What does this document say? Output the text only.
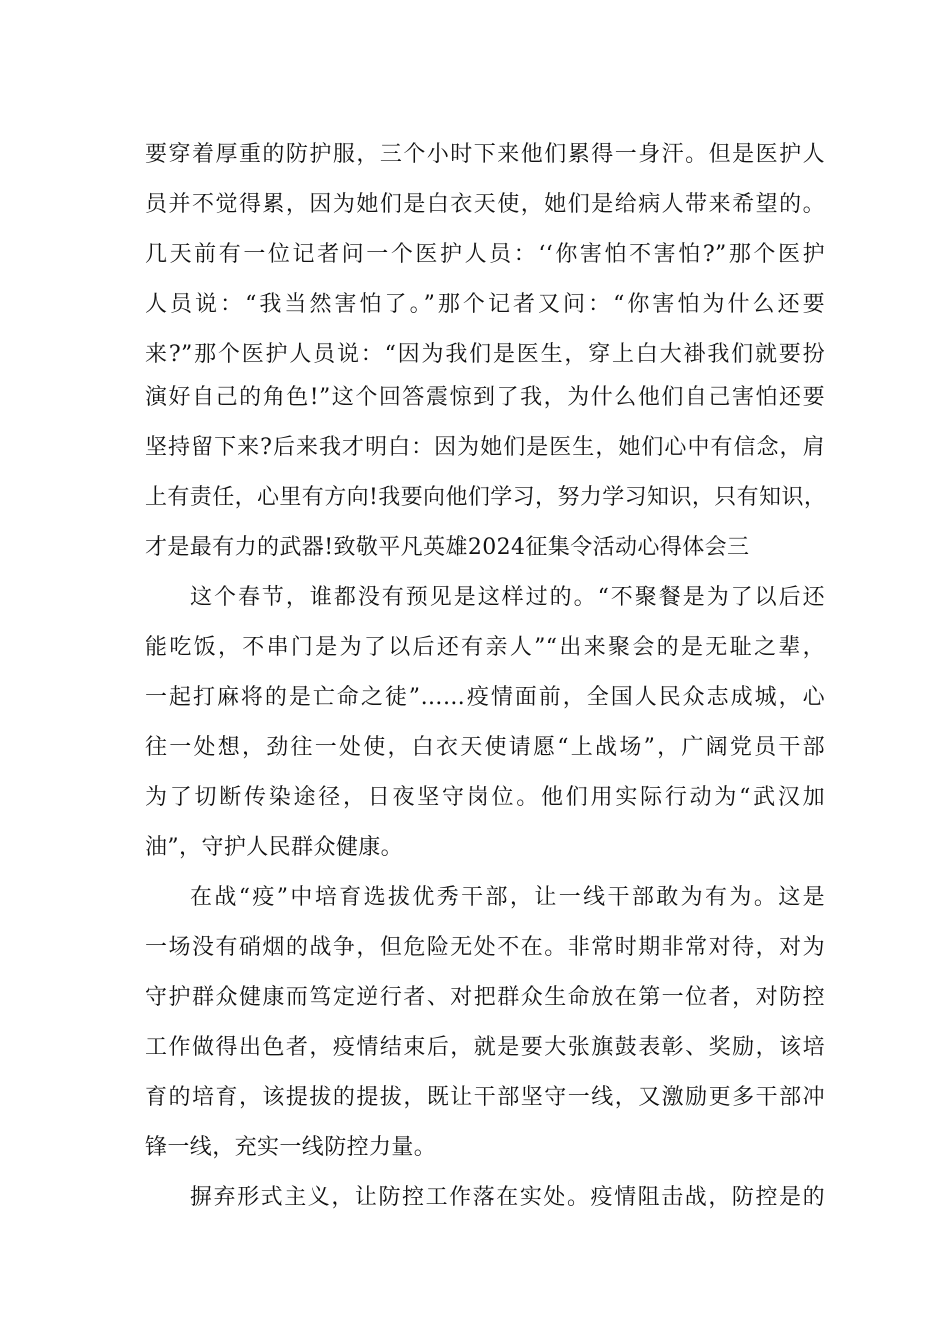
要穿着厚重的防护服，三个小时下来他们累得一身汗。但是医护人
员并不觉得累，因为她们是白衣天使，她们是给病人带来希望的。
几天前有一位记者问一个医护人员：‘‘你害怕不害怕?”那个医护
人员说：“我当然害怕了。”那个记者又问：“你害怕为什么还要
来?”那个医护人员说：“因为我们是医生，穿上白大褂我们就要扮
演好自己的角色!”这个回答震惊到了我，为什么他们自己害怕还要
坚持留下来?后来我才明白：因为她们是医生，她们心中有信念，肩
上有责任，心里有方向!我要向他们学习，努力学习知识，只有知识，
才是最有力的武器!致敬平凡英雄2024征集令活动心得体会三
这个春节，谁都没有预见是这样过的。“不聚餐是为了以后还
能吃饭，不串门是为了以后还有亲人”“出来聚会的是无耻之辈，
一起打麻将的是亡命之徒”……疫情面前，全国人民众志成城，心
往一处想，劲往一处使，白衣天使请愿“上战场”，广阔党员干部
为了切断传染途径，日夜坚守岗位。他们用实际行动为“武汉加
油”，守护人民群众健康。
在战“疫”中培育选拔优秀干部，让一线干部敢为有为。这是
一场没有硝烟的战争，但危险无处不在。非常时期非常对待，对为
守护群众健康而笃定逆行者、对把群众生命放在第一位者，对防控
工作做得出色者，疫情结束后，就是要大张旗鼓表彰、奖励，该培
育的培育，该提拔的提拔，既让干部坚守一线，又激励更多干部冲
锋一线，充实一线防控力量。
摒弃形式主义，让防控工作落在实处。疫情阻击战，防控是的
